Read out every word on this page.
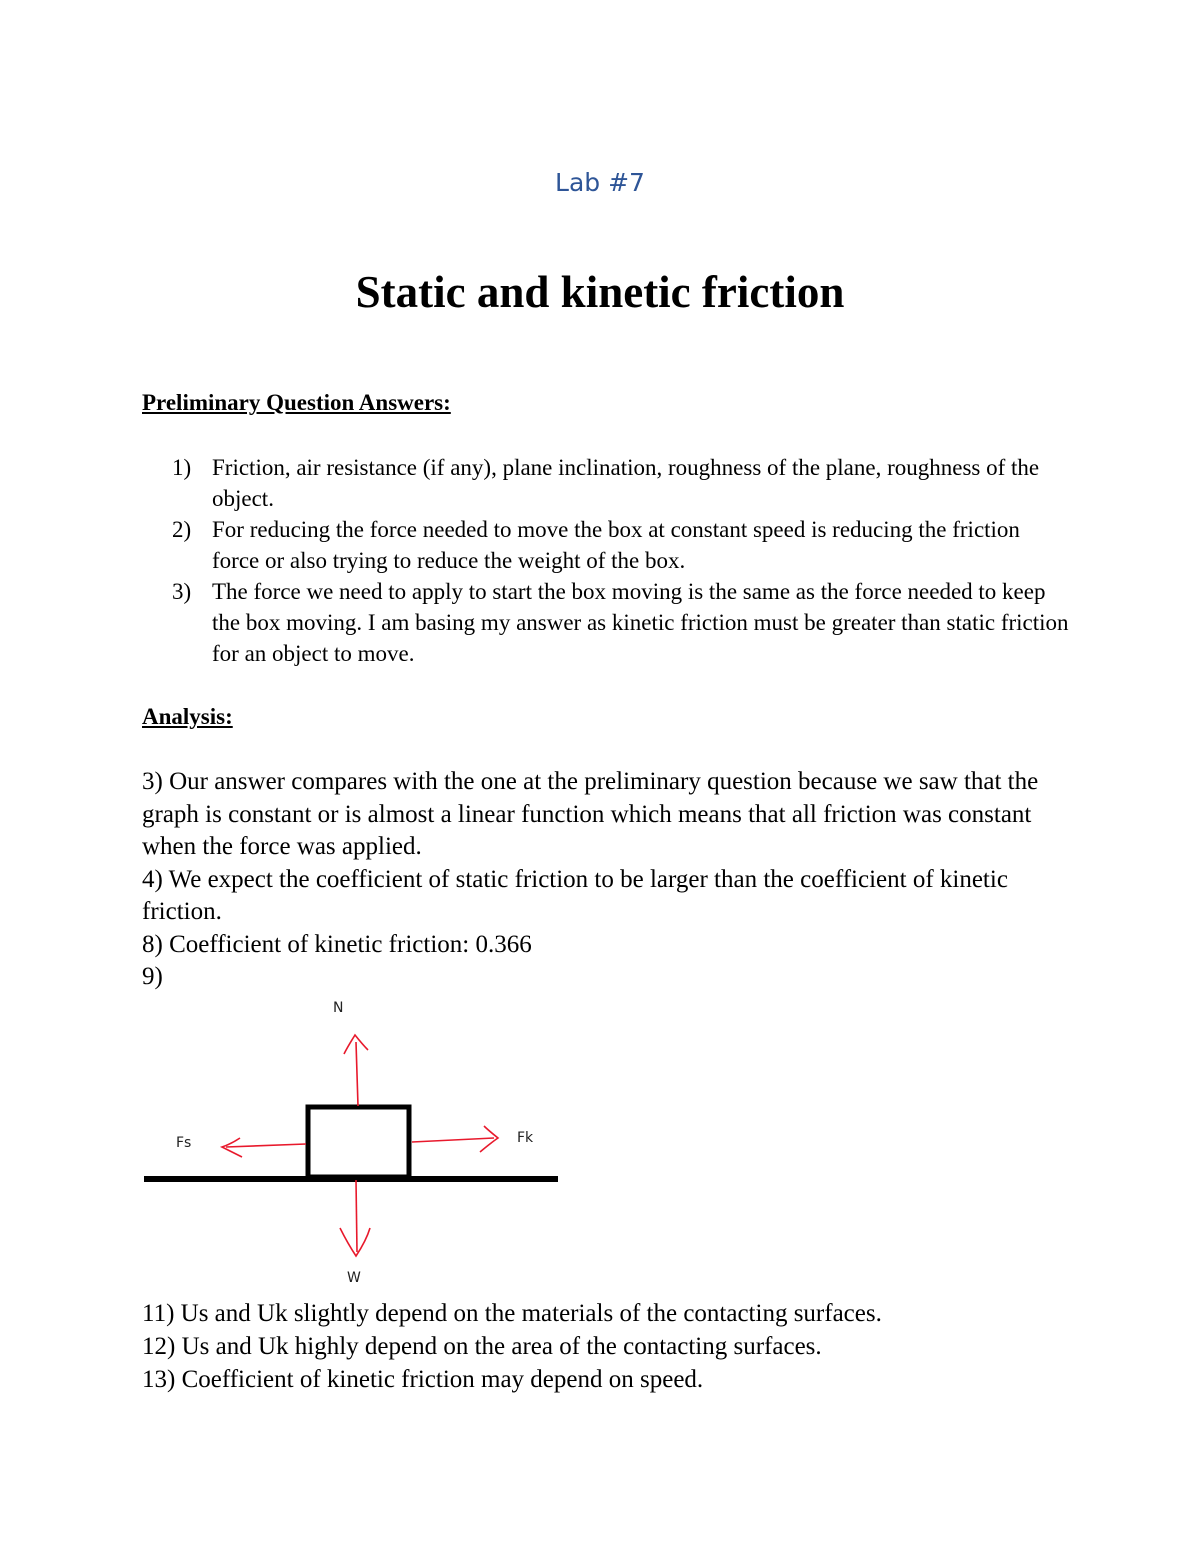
Lab #7
Static and kinetic friction
Preliminary Question Answers:
1) Friction, air resistance (if any), plane inclination, roughness of the plane, roughness of the object.
2) For reducing the force needed to move the box at constant speed is reducing the friction force or also trying to reduce the weight of the box.
3) The force we need to apply to start the box moving is the same as the force needed to keep the box moving. I am basing my answer as kinetic friction must be greater than static friction for an object to move.
Analysis:

3) Our answer compares with the one at the preliminary question because we saw that the graph is constant or is almost a linear function which means that all friction was constant when the force was applied.

4) We expect the coefficient of static friction to be larger than the coefficient of kinetic friction.

8) Coefficient of kinetic friction: 0.366

9)

N
Fs	Fk
W

11) Us and Uk slightly depend on the materials of the contacting surfaces.

12) Us and Uk highly depend on the area of the contacting surfaces.

13) Coefficient of kinetic friction may depend on speed.
